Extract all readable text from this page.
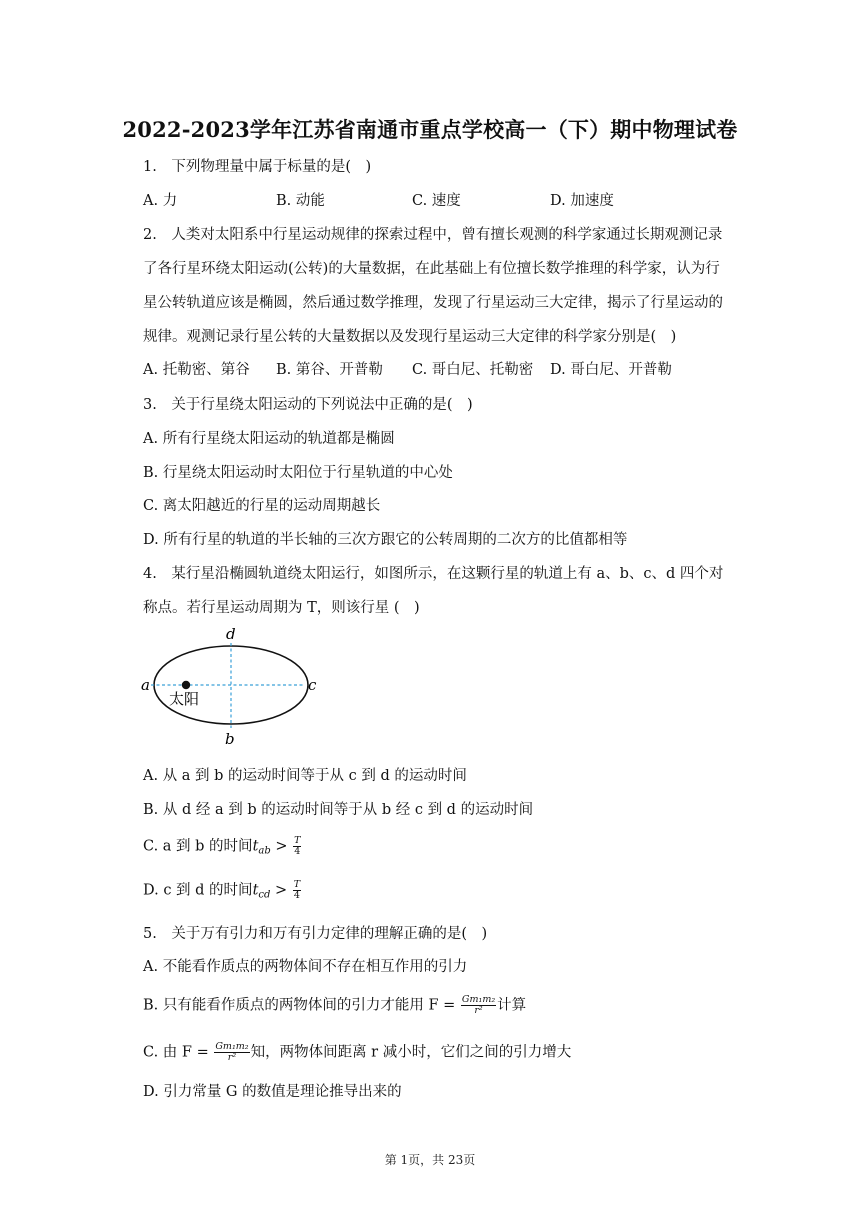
2022-2023学年江苏省南通市重点学校高一（下）期中物理试卷
1.　下列物理量中属于标量的是(　)
A. 力	B. 动能	C. 速度	D. 加速度
2.　人类对太阳系中行星运动规律的探索过程中，曾有擅长观测的科学家通过长期观测记录
了各行星环绕太阳运动(公转)的大量数据，在此基础上有位擅长数学推理的科学家，认为行
星公转轨道应该是椭圆，然后通过数学推理，发现了行星运动三大定律，揭示了行星运动的
规律。观测记录行星公转的大量数据以及发现行星运动三大定律的科学家分别是(　)
A. 托勒密、第谷 B. 第谷、开普勒 C. 哥白尼、托勒密 D. 哥白尼、开普勒
3.　关于行星绕太阳运动的下列说法中正确的是(　)
A. 所有行星绕太阳运动的轨道都是椭圆
B. 行星绕太阳运动时太阳位于行星轨道的中心处
C. 离太阳越近的行星的运动周期越长
D. 所有行星的轨道的半长轴的三次方跟它的公转周期的二次方的比值都相等
4.　某行星沿椭圆轨道绕太阳运行，如图所示，在这颗行星的轨道上有 a、b、c、d 四个对
称点。若行星运动周期为 T，则该行星 (　)
a	c
d
b
太阳
A. 从 a 到 b 的运动时间等于从 c 到 d 的运动时间
B. 从 d 经 a 到 b 的运动时间等于从 b 经 c 到 d 的运动时间
C. a 到 b 的时间$t_{ab} > \frac{T}{4}$
D. c 到 d 的时间$t_{cd} > \frac{T}{4}$
5.　关于万有引力和万有引力定律的理解正确的是(　)
A. 不能看作质点的两物体间不存在相互作用的引力
B. 只有能看作质点的两物体间的引力才能用 $F = \frac{\text{Gm₁m₂}}{\text{r²}}$ 计算
C. 由 $F = \frac{\text{Gm₁m₂}}{\text{r²}}$ 知，两物体间距离 r 减小时，它们之间的引力增大
D. 引力常量 G 的数值是理论推导出来的
第 1页，共 23页
